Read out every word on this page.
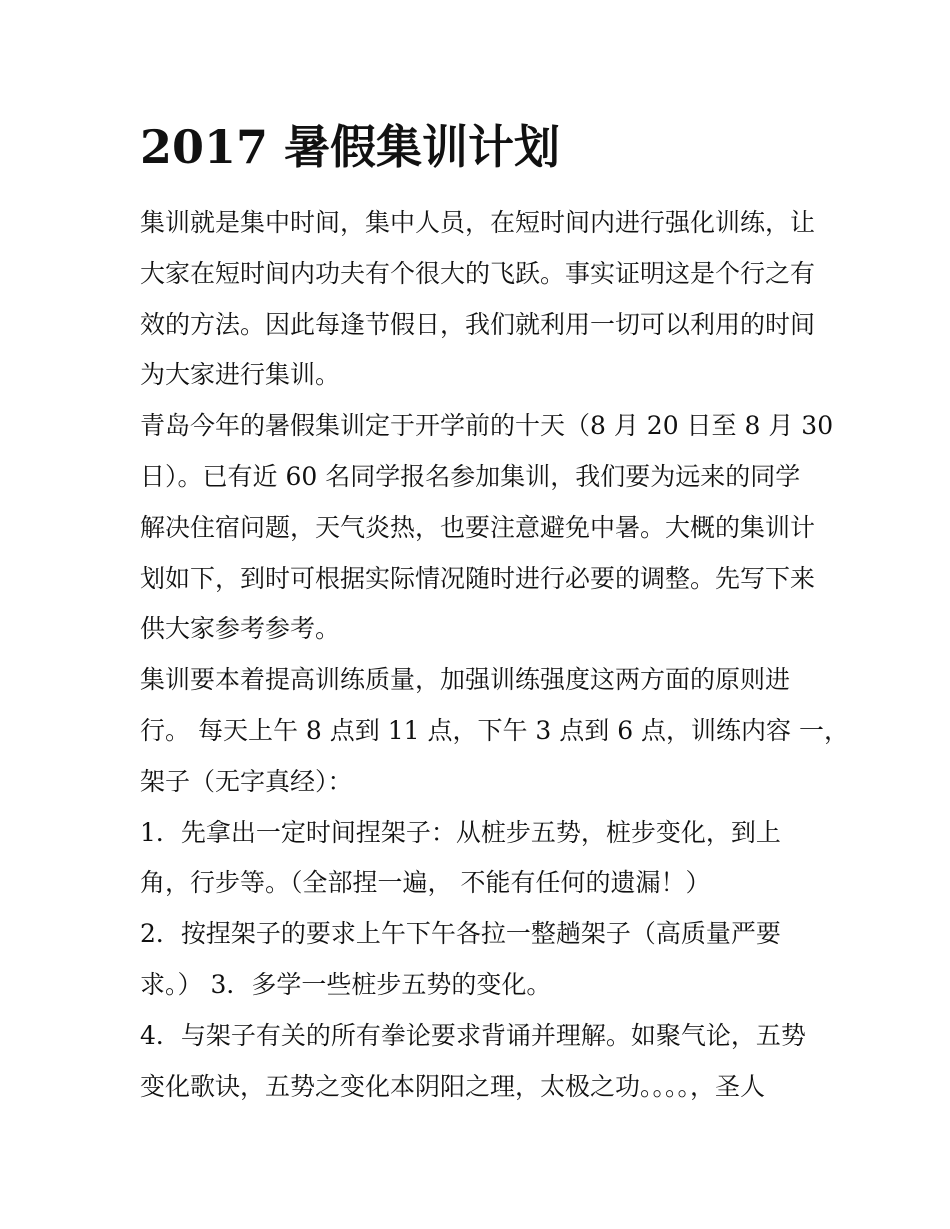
2017 暑假集训计划
集训就是集中时间，集中人员，在短时间内进行强化训练，让
大家在短时间内功夫有个很大的飞跃。事实证明这是个行之有
效的方法。因此每逢节假日，我们就利用一切可以利用的时间
为大家进行集训。
青岛今年的暑假集训定于开学前的十天（8 月 20 日至 8 月 30
日）。已有近 60 名同学报名参加集训，我们要为远来的同学
解决住宿问题，天气炎热，也要注意避免中暑。大概的集训计
划如下，到时可根据实际情况随时进行必要的调整。先写下来
供大家参考参考。
集训要本着提高训练质量，加强训练强度这两方面的原则进
行。 每天上午 8 点到 11 点，下午 3 点到 6 点，训练内容 一，
架子（无字真经）：
1．先拿出一定时间捏架子：从桩步五势，桩步变化，到上
角，行步等。（全部捏一遍， 不能有任何的遗漏！）
2．按捏架子的要求上午下午各拉一整趟架子（高质量严要
求。） 3．多学一些桩步五势的变化。
4．与架子有关的所有拳论要求背诵并理解。如聚气论，五势
变化歌诀，五势之变化本阴阳之理，太极之功。。。。，圣人
